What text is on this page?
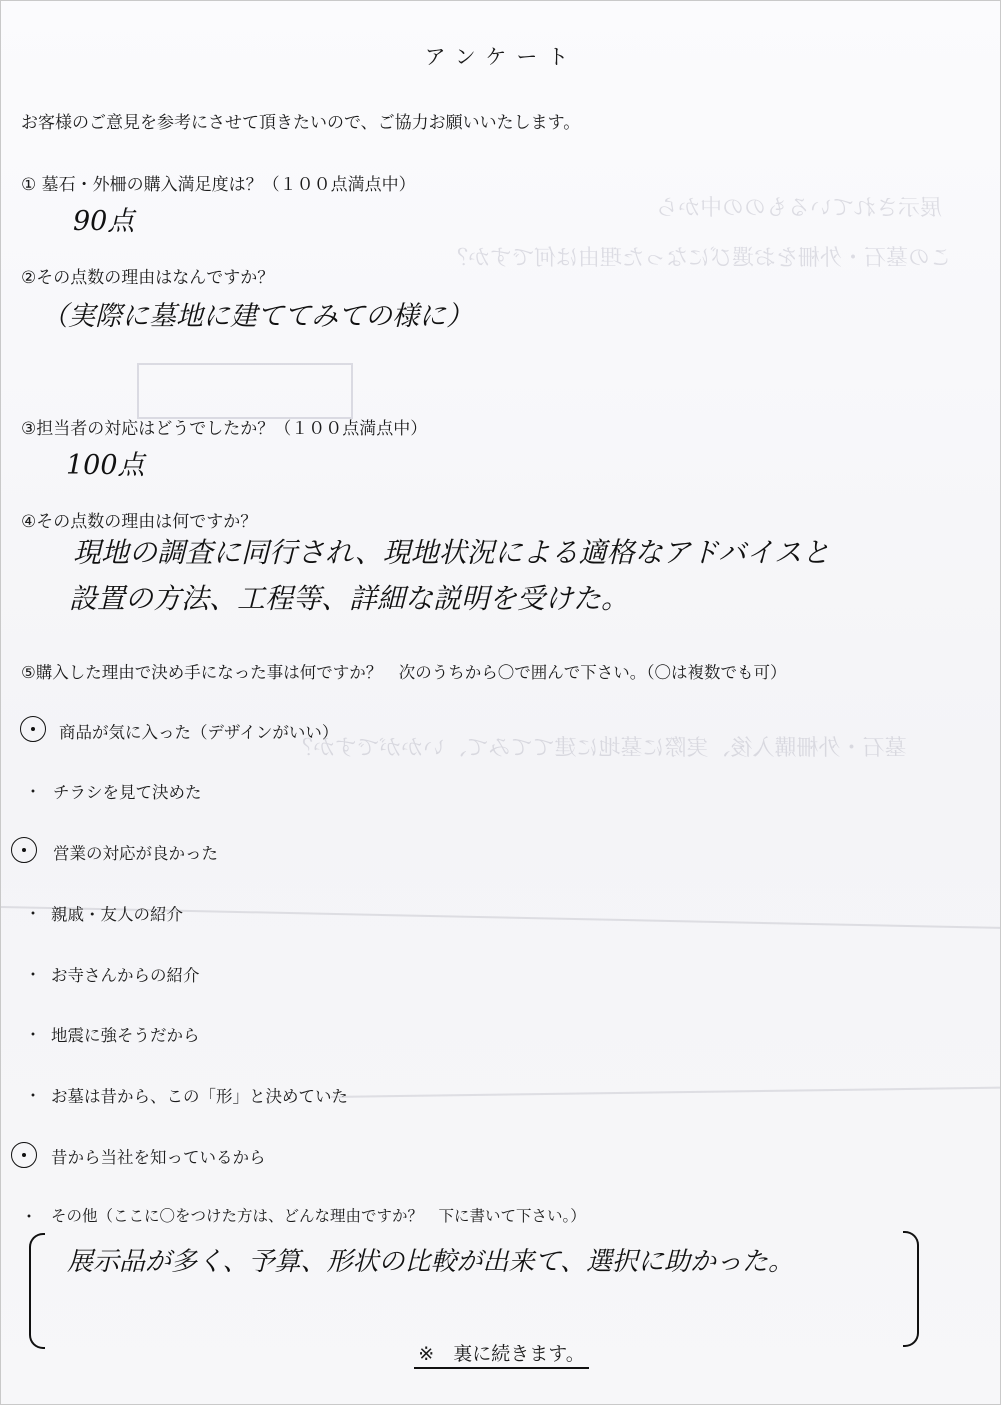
展示されているものの中から
この墓石・外柵をお選びになった理由は何ですか？
墓石・外柵購入後、実際に墓地に建ててみて、いかがですか？
アンケート
お客様のご意見を参考にさせて頂きたいので、ご協力お願いいたします。
① 墓石・外柵の購入満足度は？（１００点満点中）
90点
②その点数の理由はなんですか？
（実際に墓地に建ててみての様に）
③担当者の対応はどうでしたか？（１００点満点中）
100点
④その点数の理由は何ですか？
現地の調査に同行され、現地状況による適格なアドバイスと
設置の方法、工程等、詳細な説明を受けた。
⑤購入した理由で決め手になった事は何ですか？　次のうちから〇で囲んで下さい。（〇は複数でも可）
商品が気に入った（デザインがいい）
・ チラシを見て決めた
営業の対応が良かった
・ 親戚・友人の紹介
・ お寺さんからの紹介
・ 地震に強そうだから
・ お墓は昔から、この「形」と決めていた
昔から当社を知っているから
・ その他（ここに〇をつけた方は、どんな理由ですか？　下に書いて下さい。）
展示品が多く、予算、形状の比較が出来て、選択に助かった。
※　裏に続きます。
